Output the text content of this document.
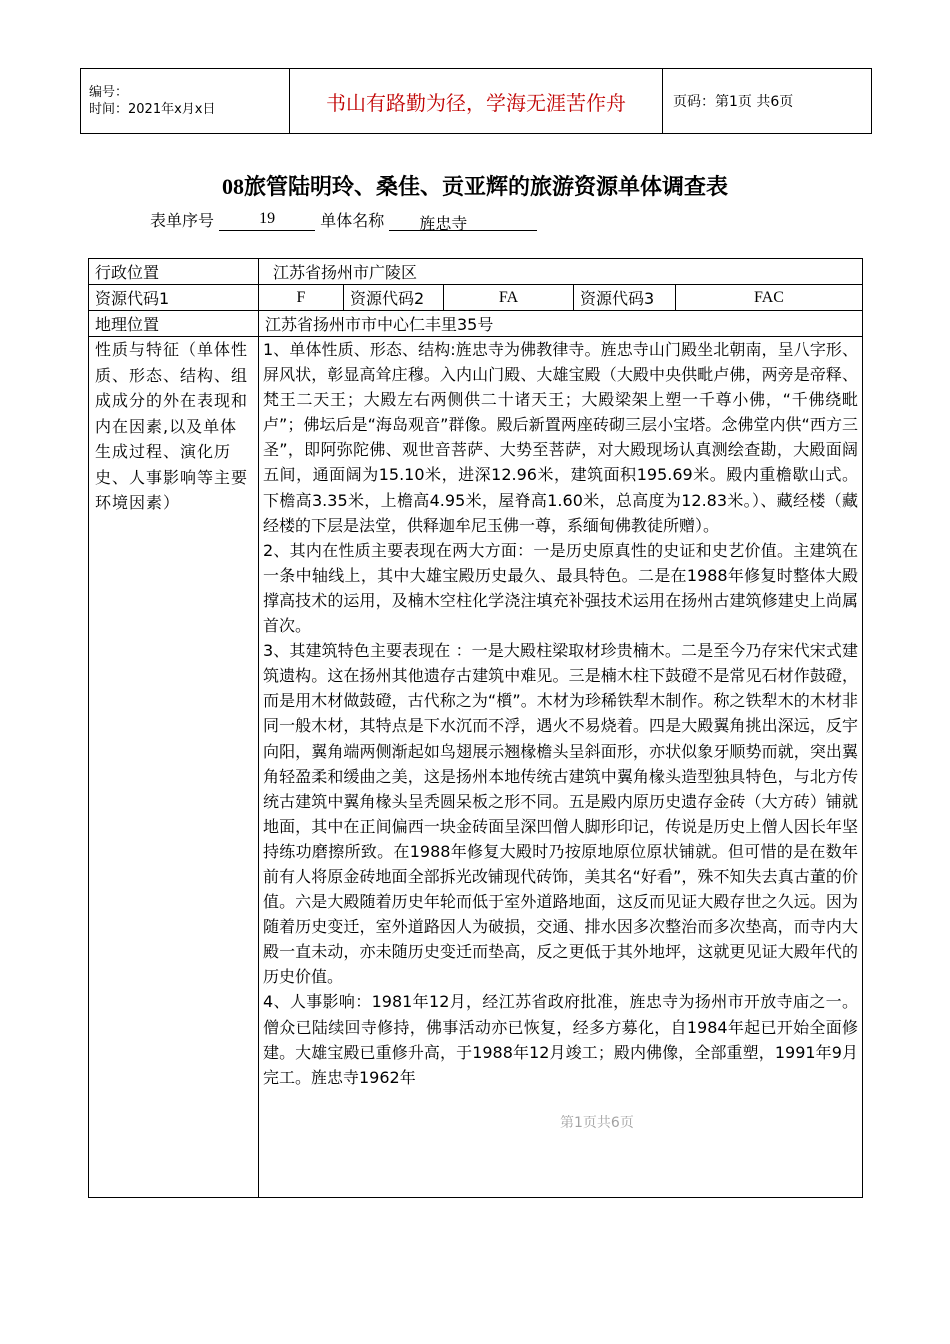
编号：
时间：2021年x月x日	书山有路勤为径，学海无涯苦作舟	页码：第1页 共6页
08旅管陆明玲、桑佳、贡亚辉的旅游资源单体调查表
表单序号	19	单体名称 旌忠寺
行政位置	江苏省扬州市广陵区				
资源代码1	F	资源代码2	FA	资源代码3	FAC
地理位置	江苏省扬州市市中心仁丰里35号				
性质与特征（单体性质、形态、结构、组成成分的外在表现和内在因素,以及单体生成过程、演化历史、人事影响等主要环境因素）	1、单体性质、形态、结构:旌忠寺为佛教律寺。旌忠寺山门殿坐北朝南，呈八字形、屏风状，彰显高耸庄穆。入内山门殿、大雄宝殿（大殿中央供毗卢佛，两旁是帝释、梵王二天王；大殿左右两侧供二十诸天王；大殿梁架上塑一千尊小佛，“千佛绕毗卢”；佛坛后是“海岛观音”群像。殿后新置两座砖砌三层小宝塔。念佛堂内供“西方三圣”，即阿弥陀佛、观世音菩萨、大势至菩萨，对大殿现场认真测绘查勘，大殿面阔五间，通面阔为15.10米，进深12.96米，建筑面积195.69米。殿内重檐歇山式。下檐高3.35米，上檐高4.95米，屋脊高1.60米，总高度为12.83米。）、藏经楼（藏经楼的下层是法堂，供释迦牟尼玉佛一尊，系缅甸佛教徒所赠）。

2、其内在性质主要表现在两大方面：一是历史原真性的史证和史艺价值。主建筑在一条中轴线上，其中大雄宝殿历史最久、最具特色。二是在1988年修复时整体大殿撑高技术的运用，及楠木空柱化学浇注填充补强技术运用在扬州古建筑修建史上尚属首次。

3、其建筑特色主要表现在 ：一是大殿柱梁取材珍贵楠木。二是至今乃存宋代宋式建筑遗构。这在扬州其他遗存古建筑中难见。三是楠木柱下鼓磴不是常见石材作鼓磴，而是用木材做鼓磴，古代称之为“櫍”。木材为珍稀铁犁木制作。称之铁犁木的木材非同一般木材，其特点是下水沉而不浮，遇火不易烧着。四是大殿翼角挑出深远，反宇向阳，翼角端两侧渐起如鸟翅展示翘椽檐头呈斜面形，亦状似象牙顺势而就，突出翼角轻盈柔和缓曲之美，这是扬州本地传统古建筑中翼角椽头造型独具特色，与北方传统古建筑中翼角椽头呈秃圆呆板之形不同。五是殿内原历史遗存金砖（大方砖）铺就地面，其中在正间偏西一块金砖面呈深凹僧人脚形印记，传说是历史上僧人因长年坚持练功磨擦所致。在1988年修复大殿时乃按原地原位原状铺就。但可惜的是在数年前有人将原金砖地面全部拆光改铺现代砖饰，美其名“好看”，殊不知失去真古董的价值。六是大殿随着历史年轮而低于室外道路地面，这反而见证大殿存世之久远。因为随着历史变迁，室外道路因人为破损，交通、排水因多次整治而多次垫高，而寺内大殿一直未动，亦未随历史变迁而垫高，反之更低于其外地坪，这就更见证大殿年代的历史价值。

4、人事影响：1981年12月，经江苏省政府批准，旌忠寺为扬州市开放寺庙之一。僧众已陆续回寺修持，佛事活动亦已恢复，经多方募化，自1984年起已开始全面修建。大雄宝殿已重修升高，于1988年12月竣工；殿内佛像，全部重塑，1991年9月完工。旌忠寺1962年				

第1页共6页
